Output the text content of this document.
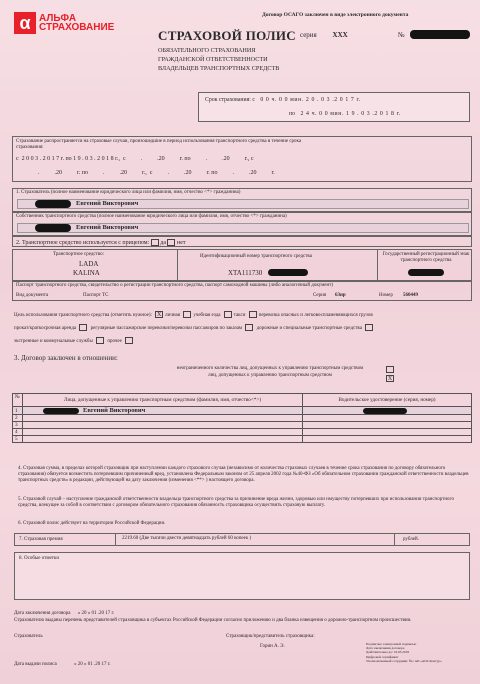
α АЛЬФА
СТРАХОВАНИЕ
Договор ОСАГО заключен в виде электронного документа
СТРАХОВОЙ ПОЛИС серия ХХХ	№
ОБЯЗАТЕЛЬНОГО СТРАХОВАНИЯ
ГРАЖДАНСКОЙ ОТВЕТСТВЕННОСТИ
ВЛАДЕЛЬЦЕВ ТРАНСПОРТНЫХ СРЕДСТВ
Срок страхования: с 0 0 ч. 0 0 мин. 2 0 . 0 3 .2 0 1 7 г.
по 2 4 ч. 0 0 мин. 1 9 . 0 3 .2 0 1 8 г.
Страхование распространяется на страховые случаи, произошедшие в период использования транспортного средства в течение срока страхования:
с  2 0 0 3 . 2 0 1 7 г. по 1 9 . 0 3 . 2 0 1 8 г.,  с          .          .20          г. по          .          .20          г., с
.          .20          г. по          .          .20          г.,  с          .          .20          г. по          .          .20          г.
1. Страхователь (полное наименование юридического лица или фамилия, имя, отчество <*> гражданина)
Евгений Викторович
Собственник транспортного средства (полное наименование юридического лица или фамилия, имя, отчество <*> гражданина)
Евгений Викторович
2. Транспортное средство используется с прицепом: да нет
Транспортное средство:
LADA
KALINA
Идентификационный номер транспортного средства
XTA111730
Государственный регистрационный знак транспортного средства
Паспорт транспортного средства, свидетельство о регистрации транспортного средства, паспорт самоходной машины (либо аналогичный документ)
Вид документа	Паспорт ТС	Серия 63нр	Номер 560449
Цель использования транспортного средства (отметить нужное): X личная	учебная езда	такси	перевозка опасных и легковоспламеняющихся грузов
прокат/краткосрочная аренда	регулярные пассажирские перевозки/перевозки пассажиров по заказам	дорожные и специальные транспортные средства
экстренные и коммунальные службы	прочее
3. Договор заключен в отношении:
неограниченного количества лиц, допущенных к управлению транспортным средством
лиц, допущенных к управлению транспортным средством
X
№	Лица, допущенные к управлению транспортным средством (фамилия, имя, отчество<*>)	Водительское удостоверение (серия, номер)
1	Евгений Викторович	

2		
3		
4		
5		
4. Страховая сумма, в пределах которой страховщик при наступлении каждого страхового случая (независимо от количества страховых случаев в течение срока страхования по договору обязательного страхования) обязуется возместить потерпевшим причиненный вред, установлена Федеральным законом от 25 апреля 2002 года №40-ФЗ «Об обязательном страховании гражданской ответственности владельцев транспортных средств» в редакции, действующей на дату заключения (изменения <**> ) настоящего договора.
5. Страховой случай – наступление гражданской ответственности владельца транспортного средства за причинение вреда жизни, здоровью или имуществу потерпевших при использовании транспортного средства, влекущее за собой в соответствии с договором обязательного страхования обязанность страховщика осуществить страховую выплату.
6. Страховой полис действует на территории Российской Федерации.
7. Страховая премия	2219.60 (Две тысячи двести девятнадцать рублей 60 копеек )	рублей.
8. Особые отметки
Дата заключения договора « 20 » 01 .20 17 г.
Страхователю выданы перечень представителей страховщика в субъектах Российской Федерации согласно приложению и два бланка извещения о дорожно-транспортном происшествии.
Страхователь	Страховщик/представитель страховщика:
Горин А. Э.
Дата выдачи полиса	« 20 » 01 .20 17 г.
Подписано электронной подписью
Дата заключения договора
Действительна до: 19.03.2018
Цифровой сертификат
Уполномоченный сотрудник: №1 АО «АСК Контур»
